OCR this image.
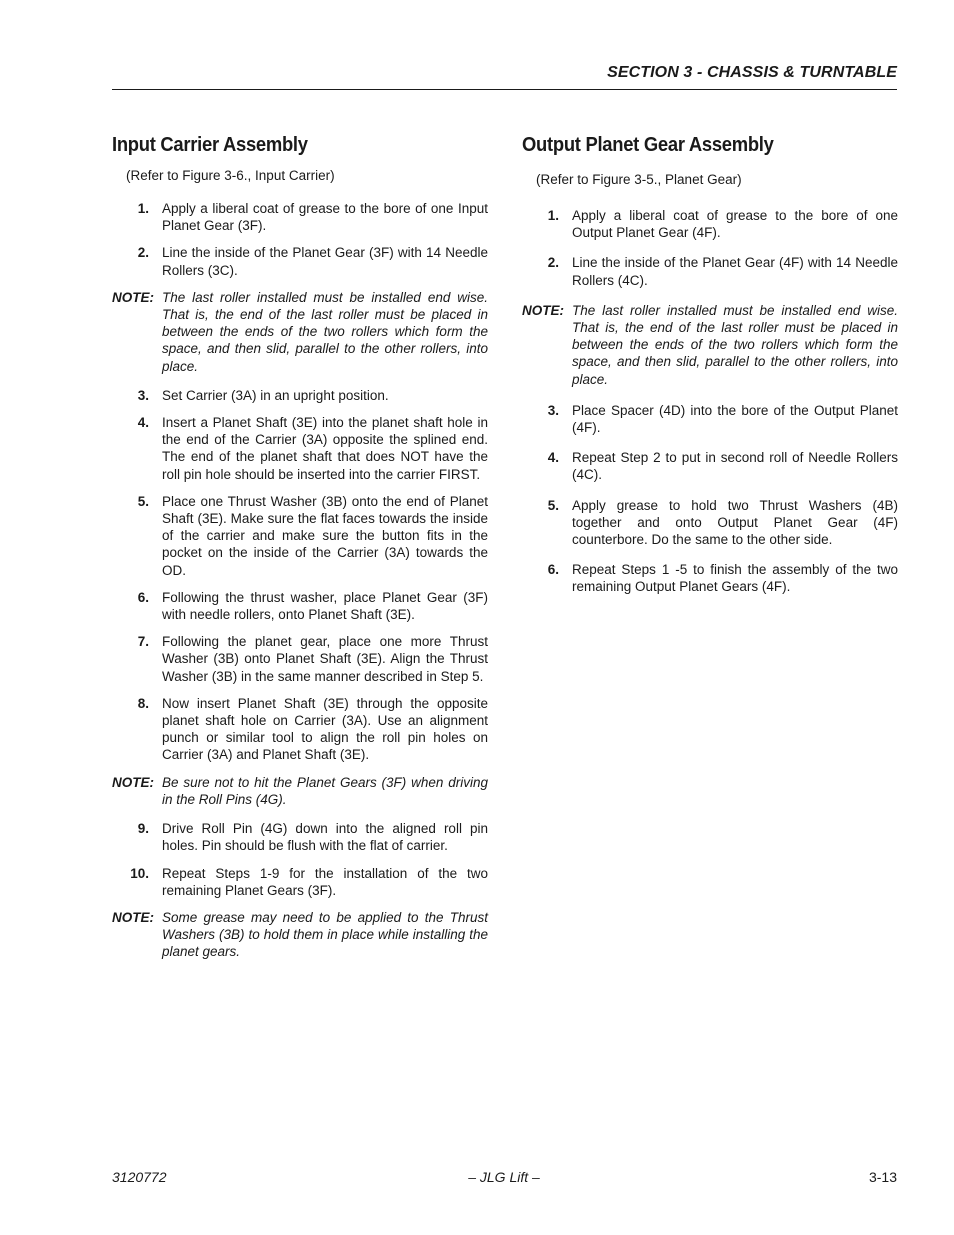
SECTION 3 - CHASSIS & TURNTABLE
Input Carrier Assembly
(Refer to Figure 3-6., Input Carrier)
1. Apply a liberal coat of grease to the bore of one Input Planet Gear (3F).
2. Line the inside of the Planet Gear (3F) with 14 Needle Rollers (3C).
NOTE: The last roller installed must be installed end wise. That is, the end of the last roller must be placed in between the ends of the two rollers which form the space, and then slid, parallel to the other rollers, into place.
3. Set Carrier (3A) in an upright position.
4. Insert a Planet Shaft (3E) into the planet shaft hole in the end of the Carrier (3A) opposite the splined end. The end of the planet shaft that does NOT have the roll pin hole should be inserted into the carrier FIRST.
5. Place one Thrust Washer (3B) onto the end of Planet Shaft (3E). Make sure the flat faces towards the inside of the carrier and make sure the button fits in the pocket on the inside of the Carrier (3A) towards the OD.
6. Following the thrust washer, place Planet Gear (3F) with needle rollers, onto Planet Shaft (3E).
7. Following the planet gear, place one more Thrust Washer (3B) onto Planet Shaft (3E). Align the Thrust Washer (3B) in the same manner described in Step 5.
8. Now insert Planet Shaft (3E) through the opposite planet shaft hole on Carrier (3A). Use an alignment punch or similar tool to align the roll pin holes on Carrier (3A) and Planet Shaft (3E).
NOTE: Be sure not to hit the Planet Gears (3F) when driving in the Roll Pins (4G).
9. Drive Roll Pin (4G) down into the aligned roll pin holes. Pin should be flush with the flat of carrier.
10. Repeat Steps 1-9 for the installation of the two remaining Planet Gears (3F).
NOTE: Some grease may need to be applied to the Thrust Washers (3B) to hold them in place while installing the planet gears.
Output Planet Gear Assembly
(Refer to Figure 3-5., Planet Gear)
1. Apply a liberal coat of grease to the bore of one Output Planet Gear (4F).
2. Line the inside of the Planet Gear (4F) with 14 Needle Rollers (4C).
NOTE: The last roller installed must be installed end wise. That is, the end of the last roller must be placed in between the ends of the two rollers which form the space, and then slid, parallel to the other rollers, into place.
3. Place Spacer (4D) into the bore of the Output Planet (4F).
4. Repeat Step 2 to put in second roll of Needle Rollers (4C).
5. Apply grease to hold two Thrust Washers (4B) together and onto Output Planet Gear (4F) counterbore. Do the same to the other side.
6. Repeat Steps 1 -5 to finish the assembly of the two remaining Output Planet Gears (4F).
3120772	– JLG Lift –	3-13
